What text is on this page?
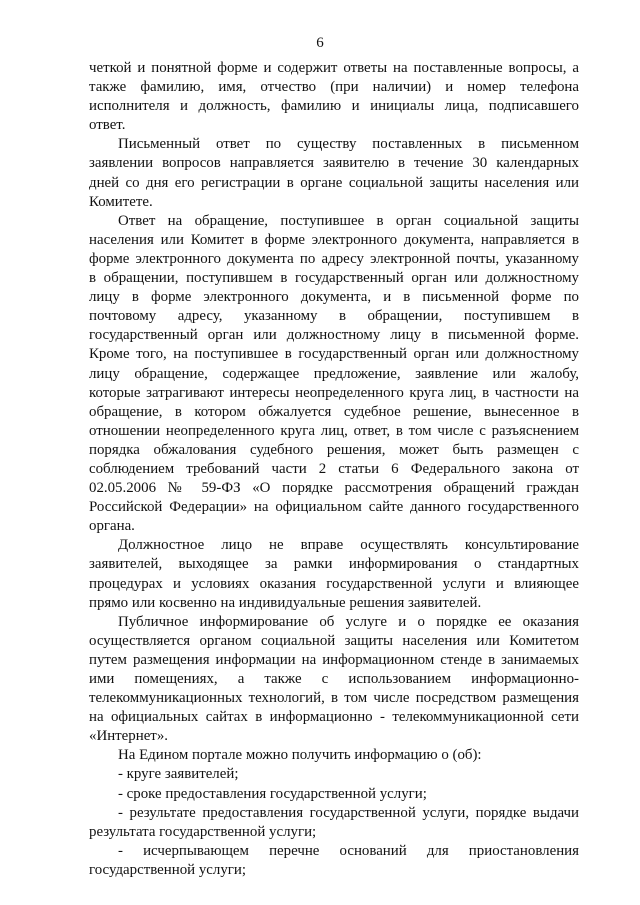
6
четкой и понятной форме и содержит ответы на поставленные вопросы, а
также фамилию, имя, отчество (при наличии) и номер телефона
исполнителя и должность, фамилию и инициалы лица, подписавшего
ответ.
Письменный ответ по существу поставленных в письменном
заявлении вопросов направляется заявителю в течение 30 календарных
дней со дня его регистрации в органе социальной защиты населения или
Комитете.
Ответ на обращение, поступившее в орган социальной защиты
населения или Комитет в форме электронного документа, направляется в
форме электронного документа по адресу электронной почты, указанному
в обращении, поступившем в государственный орган или должностному
лицу в форме электронного документа, и в письменной форме по
почтовому адресу, указанному в обращении, поступившем в
государственный орган или должностному лицу в письменной форме.
Кроме того, на поступившее в государственный орган или должностному
лицу обращение, содержащее предложение, заявление или жалобу,
которые затрагивают интересы неопределенного круга лиц, в частности на
обращение, в котором обжалуется судебное решение, вынесенное в
отношении неопределенного круга лиц, ответ, в том числе с разъяснением
порядка обжалования судебного решения, может быть размещен с
соблюдением требований части 2 статьи 6 Федерального закона от
02.05.2006 № 59-ФЗ «О порядке рассмотрения обращений граждан
Российской Федерации» на официальном сайте данного государственного
органа.
Должностное лицо не вправе осуществлять консультирование
заявителей, выходящее за рамки информирования о стандартных
процедурах и условиях оказания государственной услуги и влияющее
прямо или косвенно на индивидуальные решения заявителей.
Публичное информирование об услуге и о порядке ее оказания
осуществляется органом социальной защиты населения или Комитетом
путем размещения информации на информационном стенде в занимаемых
ими помещениях, а также с использованием информационно-
телекоммуникационных технологий, в том числе посредством размещения
на официальных сайтах в информационно - телекоммуникационной сети
«Интернет».
На Едином портале можно получить информацию о (об):
- круге заявителей;
- сроке предоставления государственной услуги;
- результате предоставления государственной услуги, порядке выдачи
результата государственной услуги;
- исчерпывающем перечне оснований для приостановления
государственной услуги;
